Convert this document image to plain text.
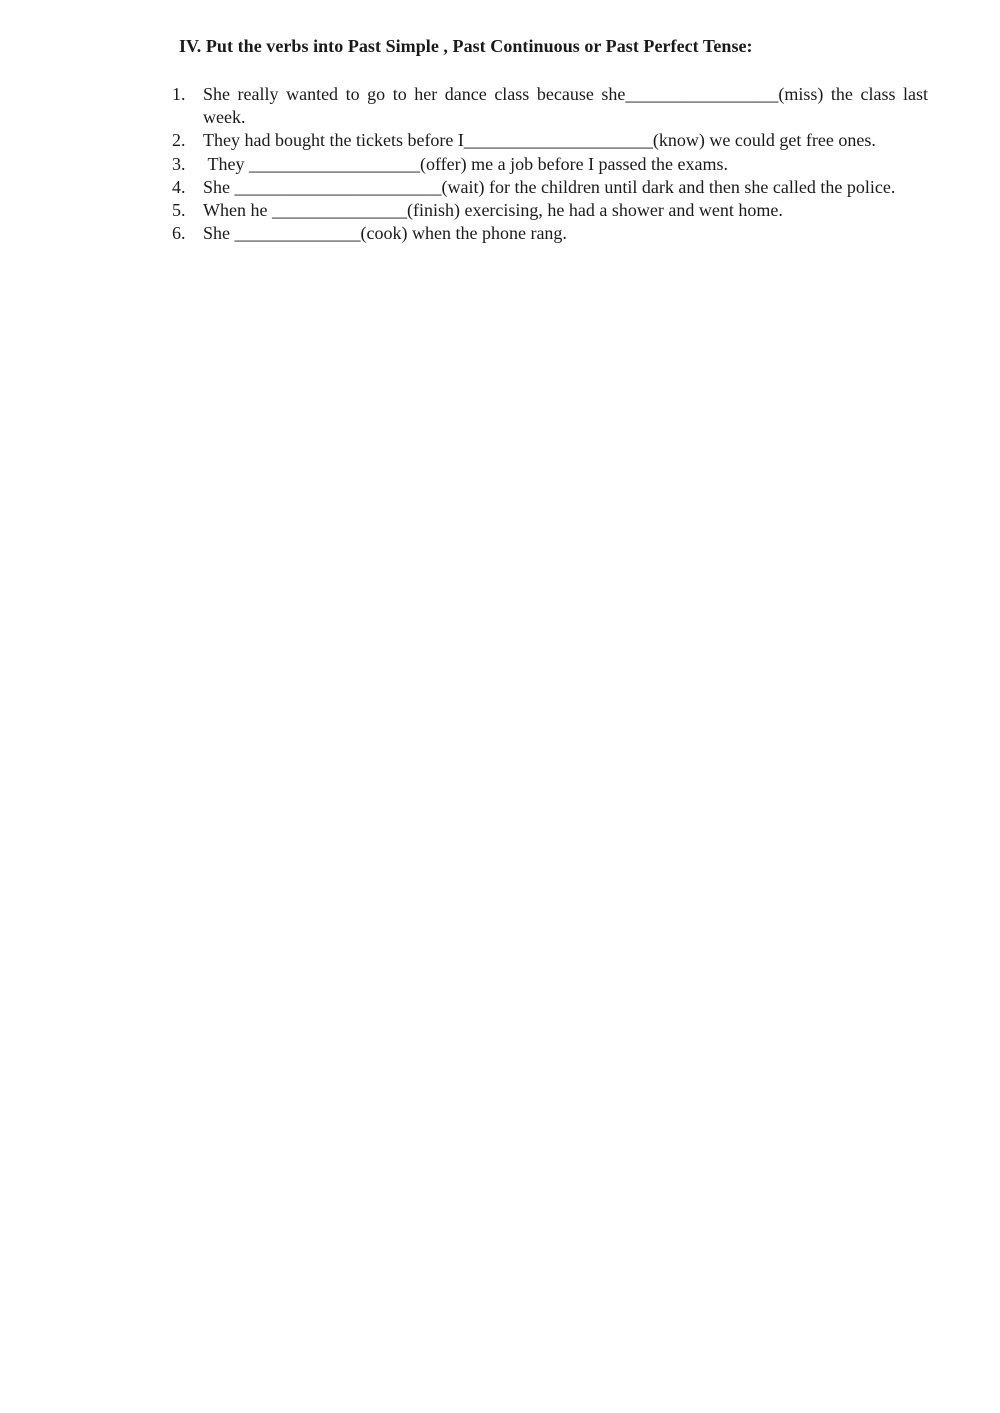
IV. Put the verbs into Past Simple , Past Continuous or Past Perfect Tense:
1. She really wanted to go to her dance class because she_________________(miss) the class last week.
2. They had bought the tickets before I_____________________(know) we could get free ones.
3. They ___________________(offer) me a job before I passed the exams.
4. She _______________________(wait) for the children until dark and then she called the police.
5. When he _______________(finish) exercising, he had a shower and went home.
6. She ______________(cook) when the phone rang.
